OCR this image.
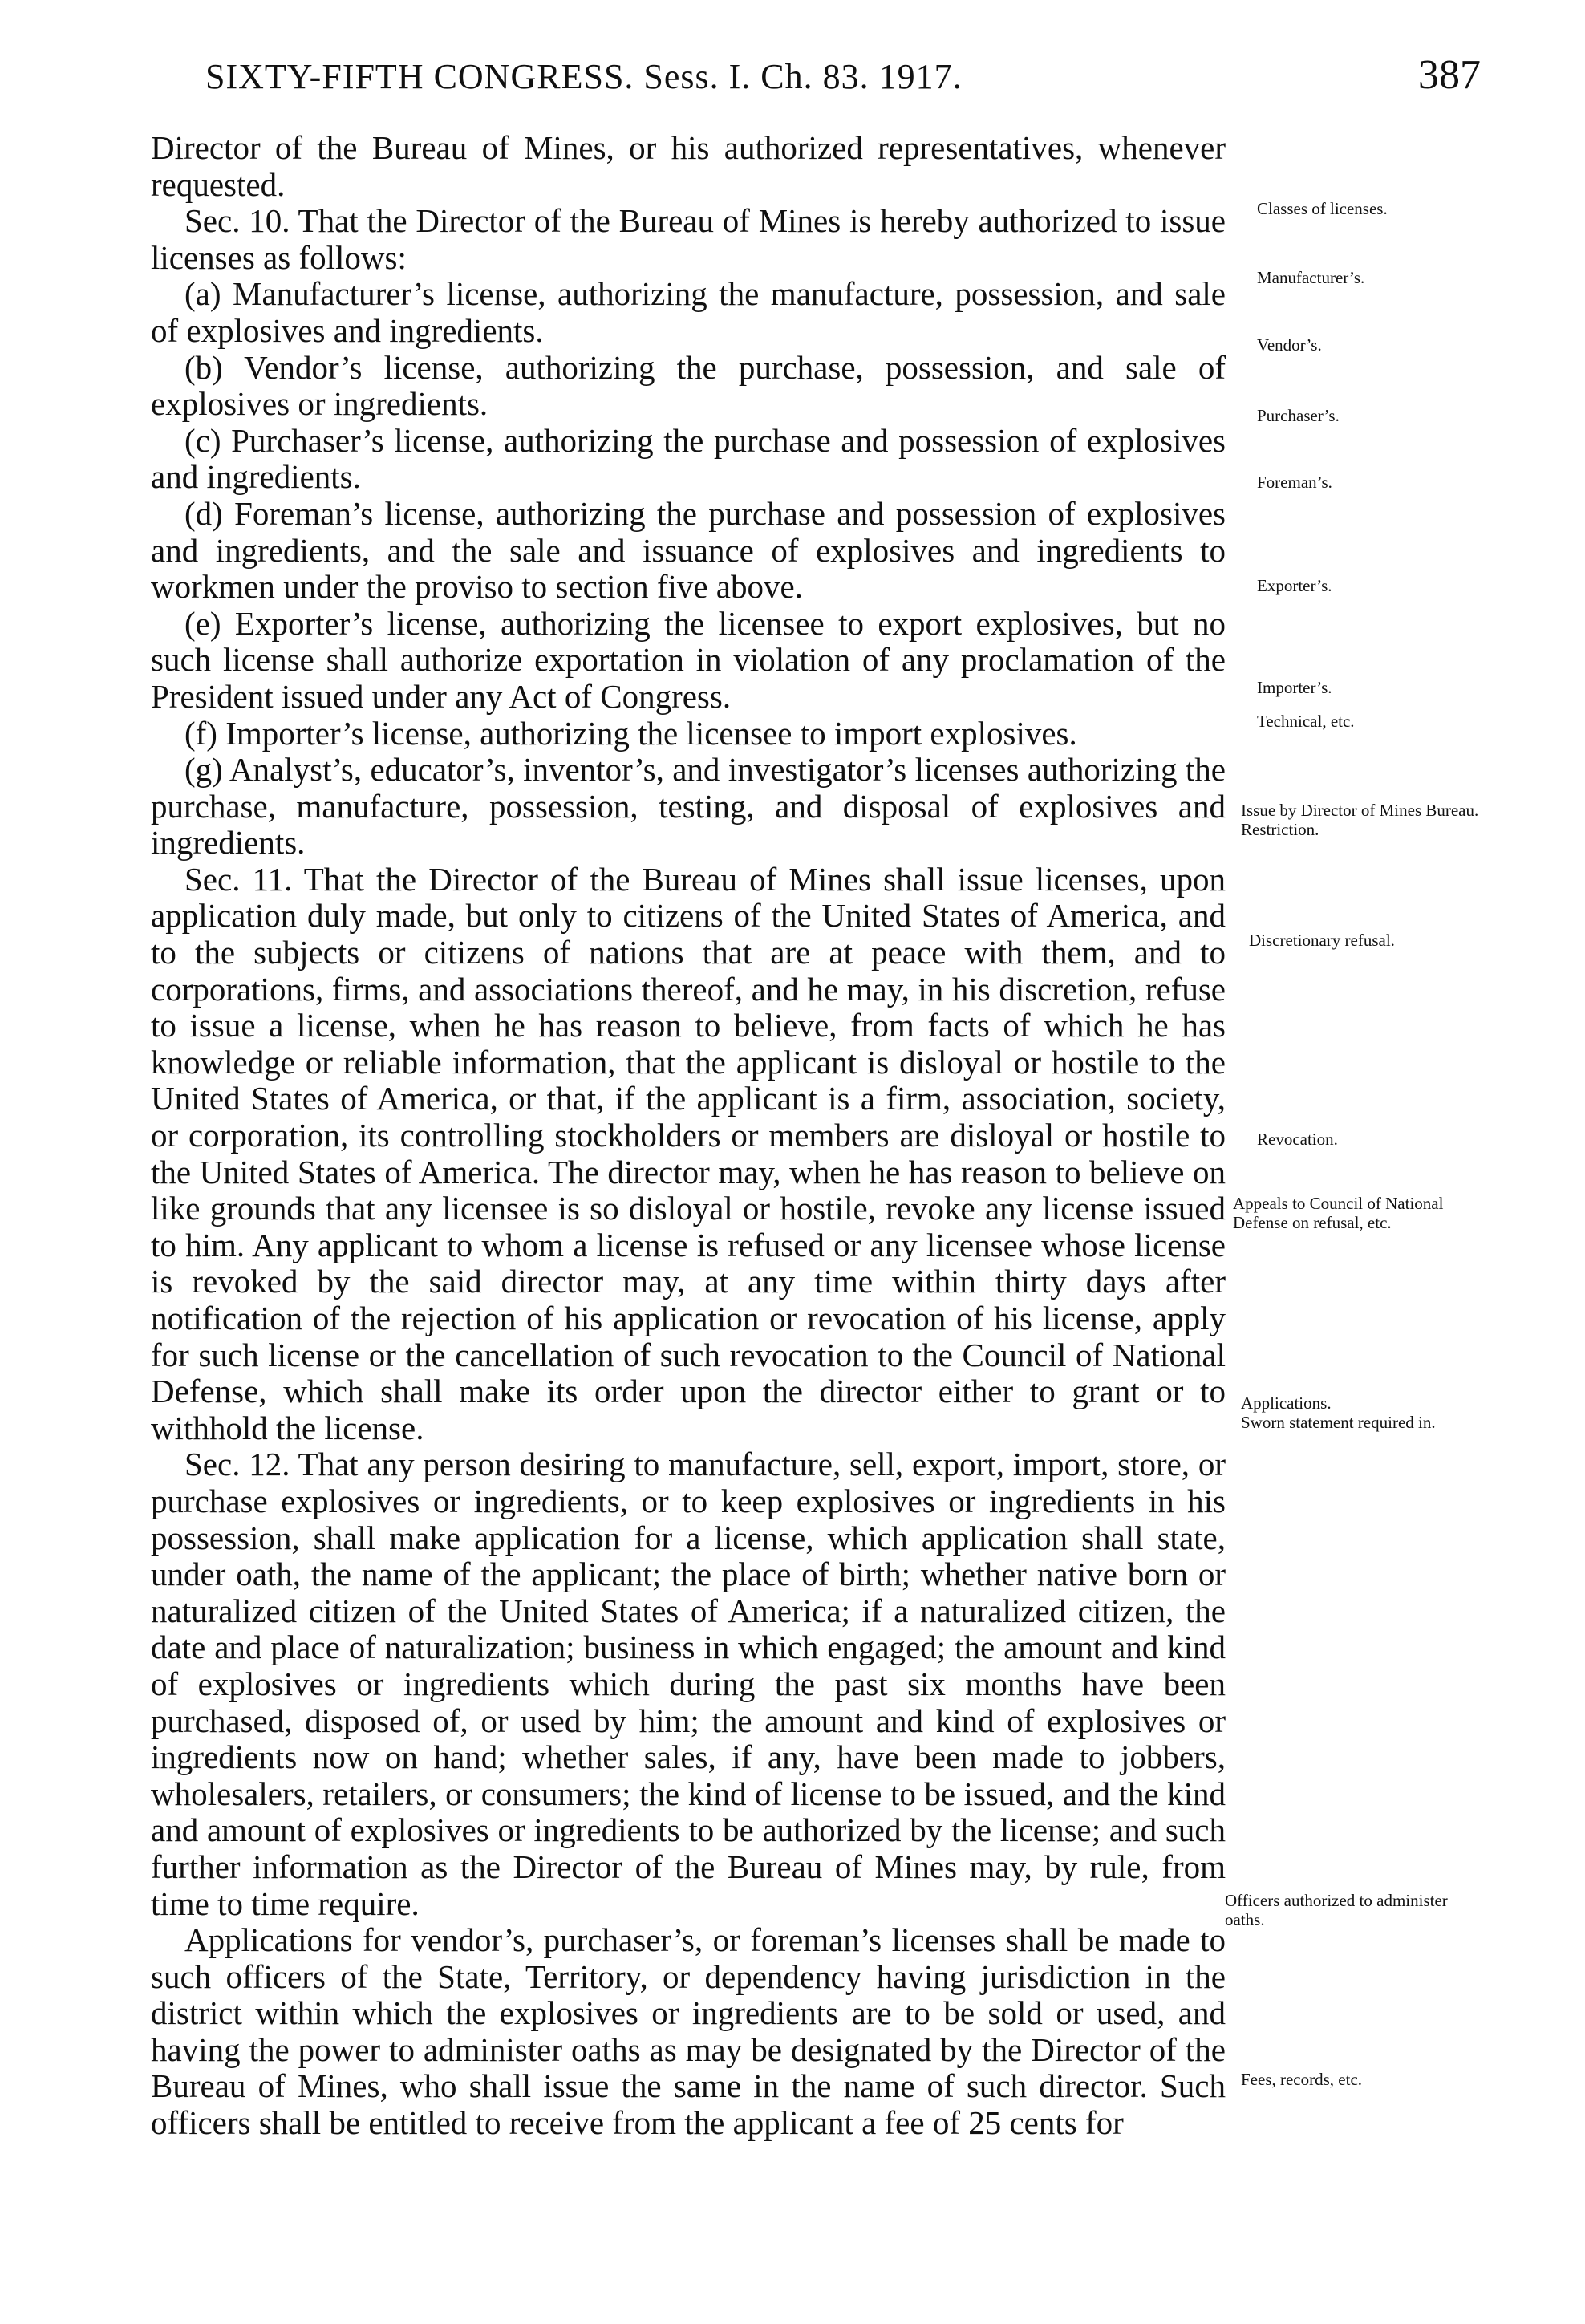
SIXTY-FIFTH CONGRESS. Sess. I. Ch. 83. 1917.	387

Director of the Bureau of Mines, or his authorized representatives, whenever requested.

Sec. 10. That the Director of the Bureau of Mines is hereby authorized to issue licenses as follows:

(a) Manufacturer’s license, authorizing the manufacture, possession, and sale of explosives and ingredients.

(b) Vendor’s license, authorizing the purchase, possession, and sale of explosives or ingredients.

(c) Purchaser’s license, authorizing the purchase and possession of explosives and ingredients.

(d) Foreman’s license, authorizing the purchase and possession of explosives and ingredients, and the sale and issuance of explosives and ingredients to workmen under the proviso to section five above.

(e) Exporter’s license, authorizing the licensee to export explosives, but no such license shall authorize exportation in violation of any proclamation of the President issued under any Act of Congress.

(f) Importer’s license, authorizing the licensee to import explosives.

(g) Analyst’s, educator’s, inventor’s, and investigator’s licenses authorizing the purchase, manufacture, possession, testing, and disposal of explosives and ingredients.

Sec. 11. That the Director of the Bureau of Mines shall issue licenses, upon application duly made, but only to citizens of the United States of America, and to the subjects or citizens of nations that are at peace with them, and to corporations, firms, and associations thereof, and he may, in his discretion, refuse to issue a license, when he has reason to believe, from facts of which he has knowledge or reliable information, that the applicant is disloyal or hostile to the United States of America, or that, if the applicant is a firm, association, society, or corporation, its controlling stockholders or members are disloyal or hostile to the United States of America. The director may, when he has reason to believe on like grounds that any licensee is so disloyal or hostile, revoke any license issued to him. Any applicant to whom a license is refused or any licensee whose license is revoked by the said director may, at any time within thirty days after notification of the rejection of his application or revocation of his license, apply for such license or the cancellation of such revocation to the Council of National Defense, which shall make its order upon the director either to grant or to withhold the license.

Sec. 12. That any person desiring to manufacture, sell, export, import, store, or purchase explosives or ingredients, or to keep explosives or ingredients in his possession, shall make application for a license, which application shall state, under oath, the name of the applicant; the place of birth; whether native born or naturalized citizen of the United States of America; if a naturalized citizen, the date and place of naturalization; business in which engaged; the amount and kind of explosives or ingredients which during the past six months have been purchased, disposed of, or used by him; the amount and kind of explosives or ingredients now on hand; whether sales, if any, have been made to jobbers, wholesalers, retailers, or consumers; the kind of license to be issued, and the kind and amount of explosives or ingredients to be authorized by the license; and such further information as the Director of the Bureau of Mines may, by rule, from time to time require.

Applications for vendor’s, purchaser’s, or foreman’s licenses shall be made to such officers of the State, Territory, or dependency having jurisdiction in the district within which the explosives or ingredients are to be sold or used, and having the power to administer oaths as may be designated by the Director of the Bureau of Mines, who shall issue the same in the name of such director. Such officers shall be entitled to receive from the applicant a fee of 25 cents for

Classes of licenses.
Manufacturer’s.
Vendor’s.
Purchaser’s.
Foreman’s.
Exporter’s.
Importer’s.
Technical, etc.
Issue by Director of Mines Bureau.
Restriction.
Discretionary refusal.
Revocation.
Appeals to Council of National Defense on refusal, etc.
Applications.
Sworn statement required in.
Officers authorized to administer oaths.
Fees, records, etc.
